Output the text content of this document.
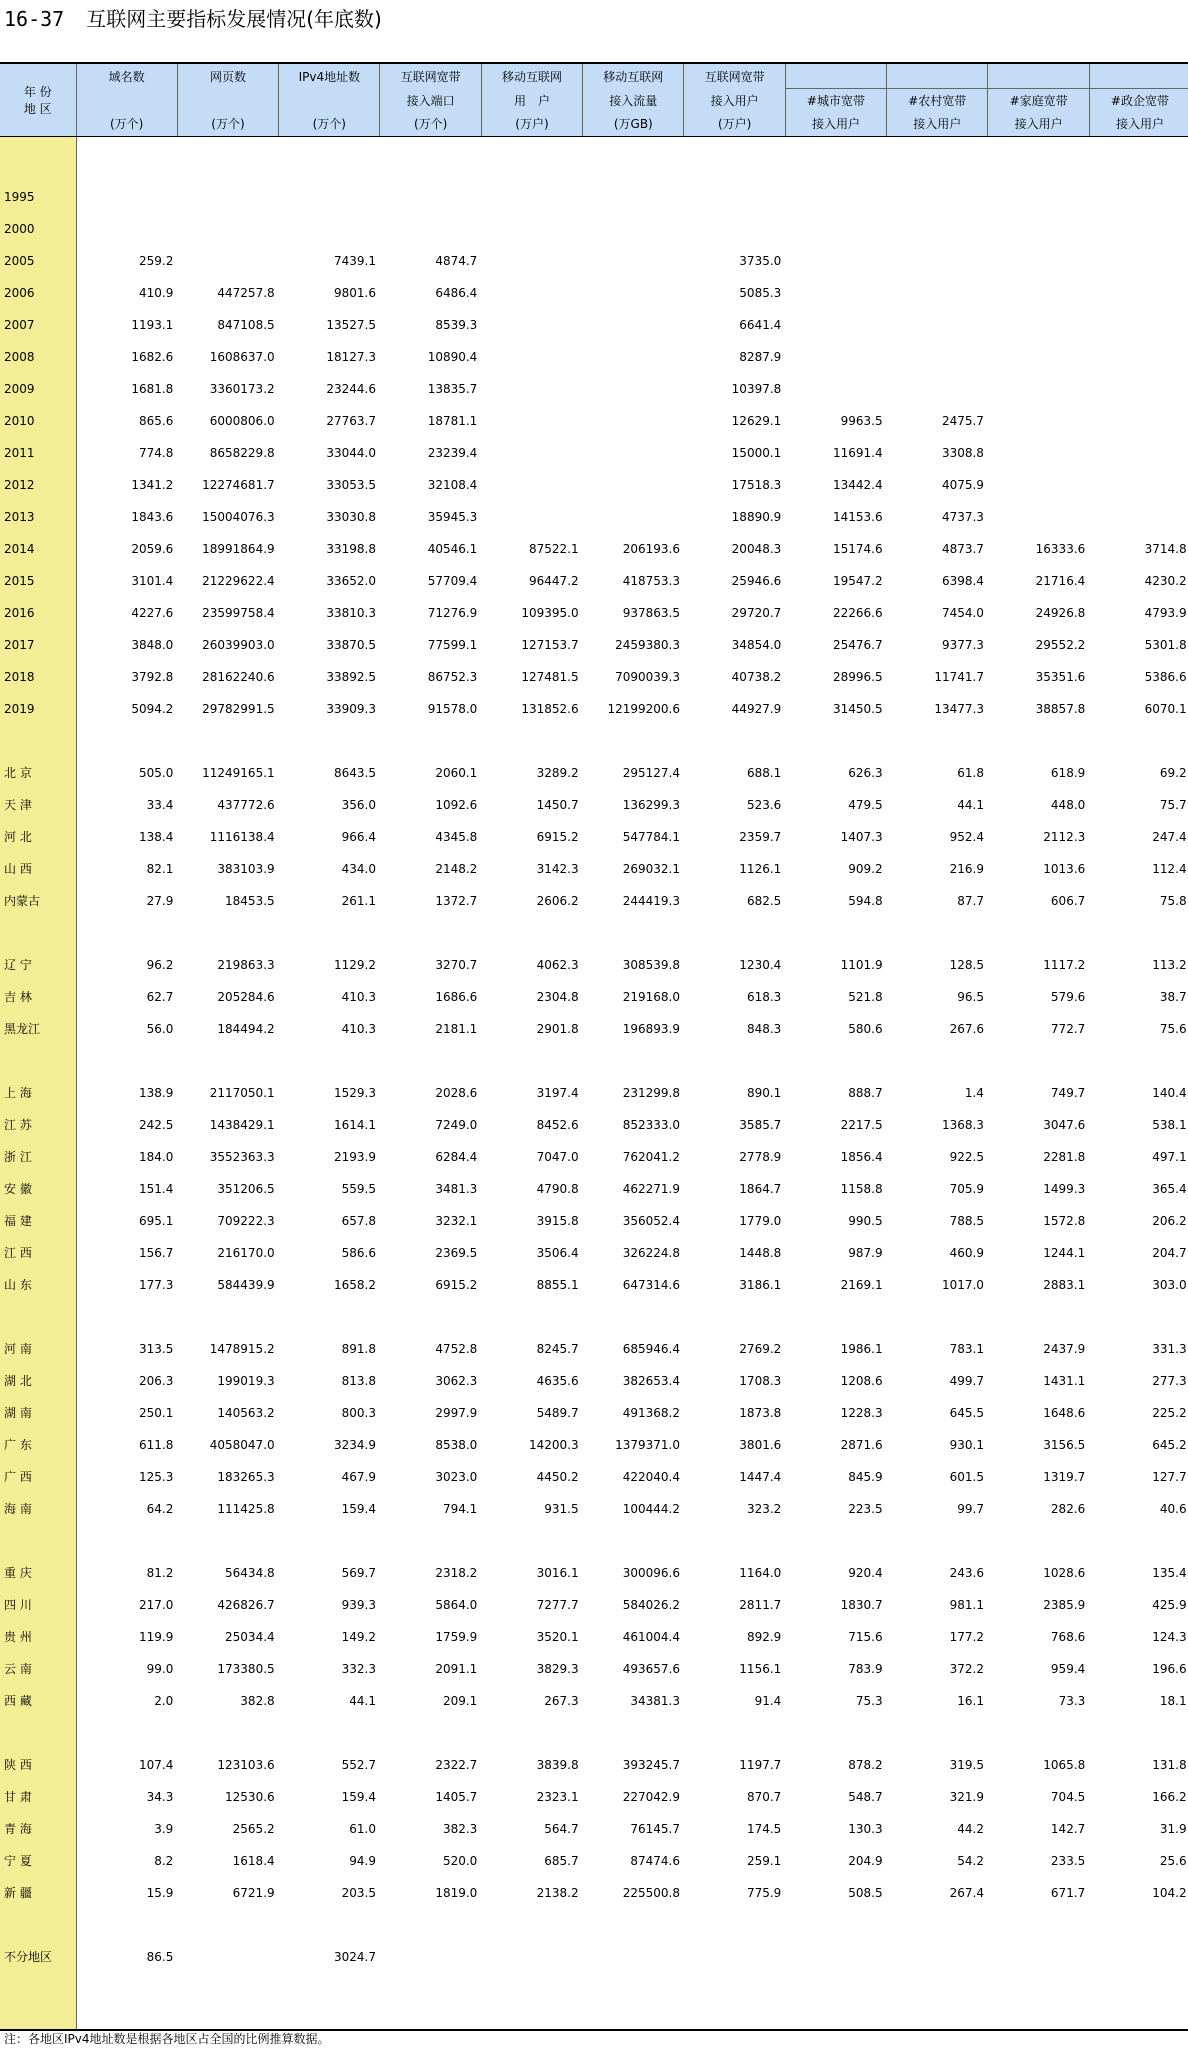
16-37 互联网主要指标发展情况(年底数)
年 份
地 区	域名数	网页数	IPv4地址数	互联网宽带	移动互联网	移动互联网	互联网宽带				
				接入端口	用　户	接入流量	接入用户	#城市宽带	#农村宽带	#家庭宽带	#政企宽带
	(万个)	(万个)	(万个)	(万个)	(万户)	(万GB)	(万户)	接入用户	接入用户	接入用户	接入用户

1995											
2000											
2005	259.2		7439.1	4874.7			3735.0				
2006	410.9	447257.8	9801.6	6486.4			5085.3				
2007	1193.1	847108.5	13527.5	8539.3			6641.4				
2008	1682.6	1608637.0	18127.3	10890.4			8287.9				
2009	1681.8	3360173.2	23244.6	13835.7			10397.8				
2010	865.6	6000806.0	27763.7	18781.1			12629.1	9963.5	2475.7		
2011	774.8	8658229.8	33044.0	23239.4			15000.1	11691.4	3308.8		
2012	1341.2	12274681.7	33053.5	32108.4			17518.3	13442.4	4075.9		
2013	1843.6	15004076.3	33030.8	35945.3			18890.9	14153.6	4737.3		
2014	2059.6	18991864.9	33198.8	40546.1	87522.1	206193.6	20048.3	15174.6	4873.7	16333.6	3714.8
2015	3101.4	21229622.4	33652.0	57709.4	96447.2	418753.3	25946.6	19547.2	6398.4	21716.4	4230.2
2016	4227.6	23599758.4	33810.3	71276.9	109395.0	937863.5	29720.7	22266.6	7454.0	24926.8	4793.9
2017	3848.0	26039903.0	33870.5	77599.1	127153.7	2459380.3	34854.0	25476.7	9377.3	29552.2	5301.8
2018	3792.8	28162240.6	33892.5	86752.3	127481.5	7090039.3	40738.2	28996.5	11741.7	35351.6	5386.6
2019	5094.2	29782991.5	33909.3	91578.0	131852.6	12199200.6	44927.9	31450.5	13477.3	38857.8	6070.1

北 京	505.0	11249165.1	8643.5	2060.1	3289.2	295127.4	688.1	626.3	61.8	618.9	69.2
天 津	33.4	437772.6	356.0	1092.6	1450.7	136299.3	523.6	479.5	44.1	448.0	75.7
河 北	138.4	1116138.4	966.4	4345.8	6915.2	547784.1	2359.7	1407.3	952.4	2112.3	247.4
山 西	82.1	383103.9	434.0	2148.2	3142.3	269032.1	1126.1	909.2	216.9	1013.6	112.4
内蒙古	27.9	18453.5	261.1	1372.7	2606.2	244419.3	682.5	594.8	87.7	606.7	75.8

辽 宁	96.2	219863.3	1129.2	3270.7	4062.3	308539.8	1230.4	1101.9	128.5	1117.2	113.2
吉 林	62.7	205284.6	410.3	1686.6	2304.8	219168.0	618.3	521.8	96.5	579.6	38.7
黑龙江	56.0	184494.2	410.3	2181.1	2901.8	196893.9	848.3	580.6	267.6	772.7	75.6

上 海	138.9	2117050.1	1529.3	2028.6	3197.4	231299.8	890.1	888.7	1.4	749.7	140.4
江 苏	242.5	1438429.1	1614.1	7249.0	8452.6	852333.0	3585.7	2217.5	1368.3	3047.6	538.1
浙 江	184.0	3552363.3	2193.9	6284.4	7047.0	762041.2	2778.9	1856.4	922.5	2281.8	497.1
安 徽	151.4	351206.5	559.5	3481.3	4790.8	462271.9	1864.7	1158.8	705.9	1499.3	365.4
福 建	695.1	709222.3	657.8	3232.1	3915.8	356052.4	1779.0	990.5	788.5	1572.8	206.2
江 西	156.7	216170.0	586.6	2369.5	3506.4	326224.8	1448.8	987.9	460.9	1244.1	204.7
山 东	177.3	584439.9	1658.2	6915.2	8855.1	647314.6	3186.1	2169.1	1017.0	2883.1	303.0

河 南	313.5	1478915.2	891.8	4752.8	8245.7	685946.4	2769.2	1986.1	783.1	2437.9	331.3
湖 北	206.3	199019.3	813.8	3062.3	4635.6	382653.4	1708.3	1208.6	499.7	1431.1	277.3
湖 南	250.1	140563.2	800.3	2997.9	5489.7	491368.2	1873.8	1228.3	645.5	1648.6	225.2
广 东	611.8	4058047.0	3234.9	8538.0	14200.3	1379371.0	3801.6	2871.6	930.1	3156.5	645.2
广 西	125.3	183265.3	467.9	3023.0	4450.2	422040.4	1447.4	845.9	601.5	1319.7	127.7
海 南	64.2	111425.8	159.4	794.1	931.5	100444.2	323.2	223.5	99.7	282.6	40.6

重 庆	81.2	56434.8	569.7	2318.2	3016.1	300096.6	1164.0	920.4	243.6	1028.6	135.4
四 川	217.0	426826.7	939.3	5864.0	7277.7	584026.2	2811.7	1830.7	981.1	2385.9	425.9
贵 州	119.9	25034.4	149.2	1759.9	3520.1	461004.4	892.9	715.6	177.2	768.6	124.3
云 南	99.0	173380.5	332.3	2091.1	3829.3	493657.6	1156.1	783.9	372.2	959.4	196.6
西 藏	2.0	382.8	44.1	209.1	267.3	34381.3	91.4	75.3	16.1	73.3	18.1

陕 西	107.4	123103.6	552.7	2322.7	3839.8	393245.7	1197.7	878.2	319.5	1065.8	131.8
甘 肃	34.3	12530.6	159.4	1405.7	2323.1	227042.9	870.7	548.7	321.9	704.5	166.2
青 海	3.9	2565.2	61.0	382.3	564.7	76145.7	174.5	130.3	44.2	142.7	31.9
宁 夏	8.2	1618.4	94.9	520.0	685.7	87474.6	259.1	204.9	54.2	233.5	25.6
新 疆	15.9	6721.9	203.5	1819.0	2138.2	225500.8	775.9	508.5	267.4	671.7	104.2

不分地区	86.5		3024.7								

注：各地区IPv4地址数是根据各地区占全国的比例推算数据。
